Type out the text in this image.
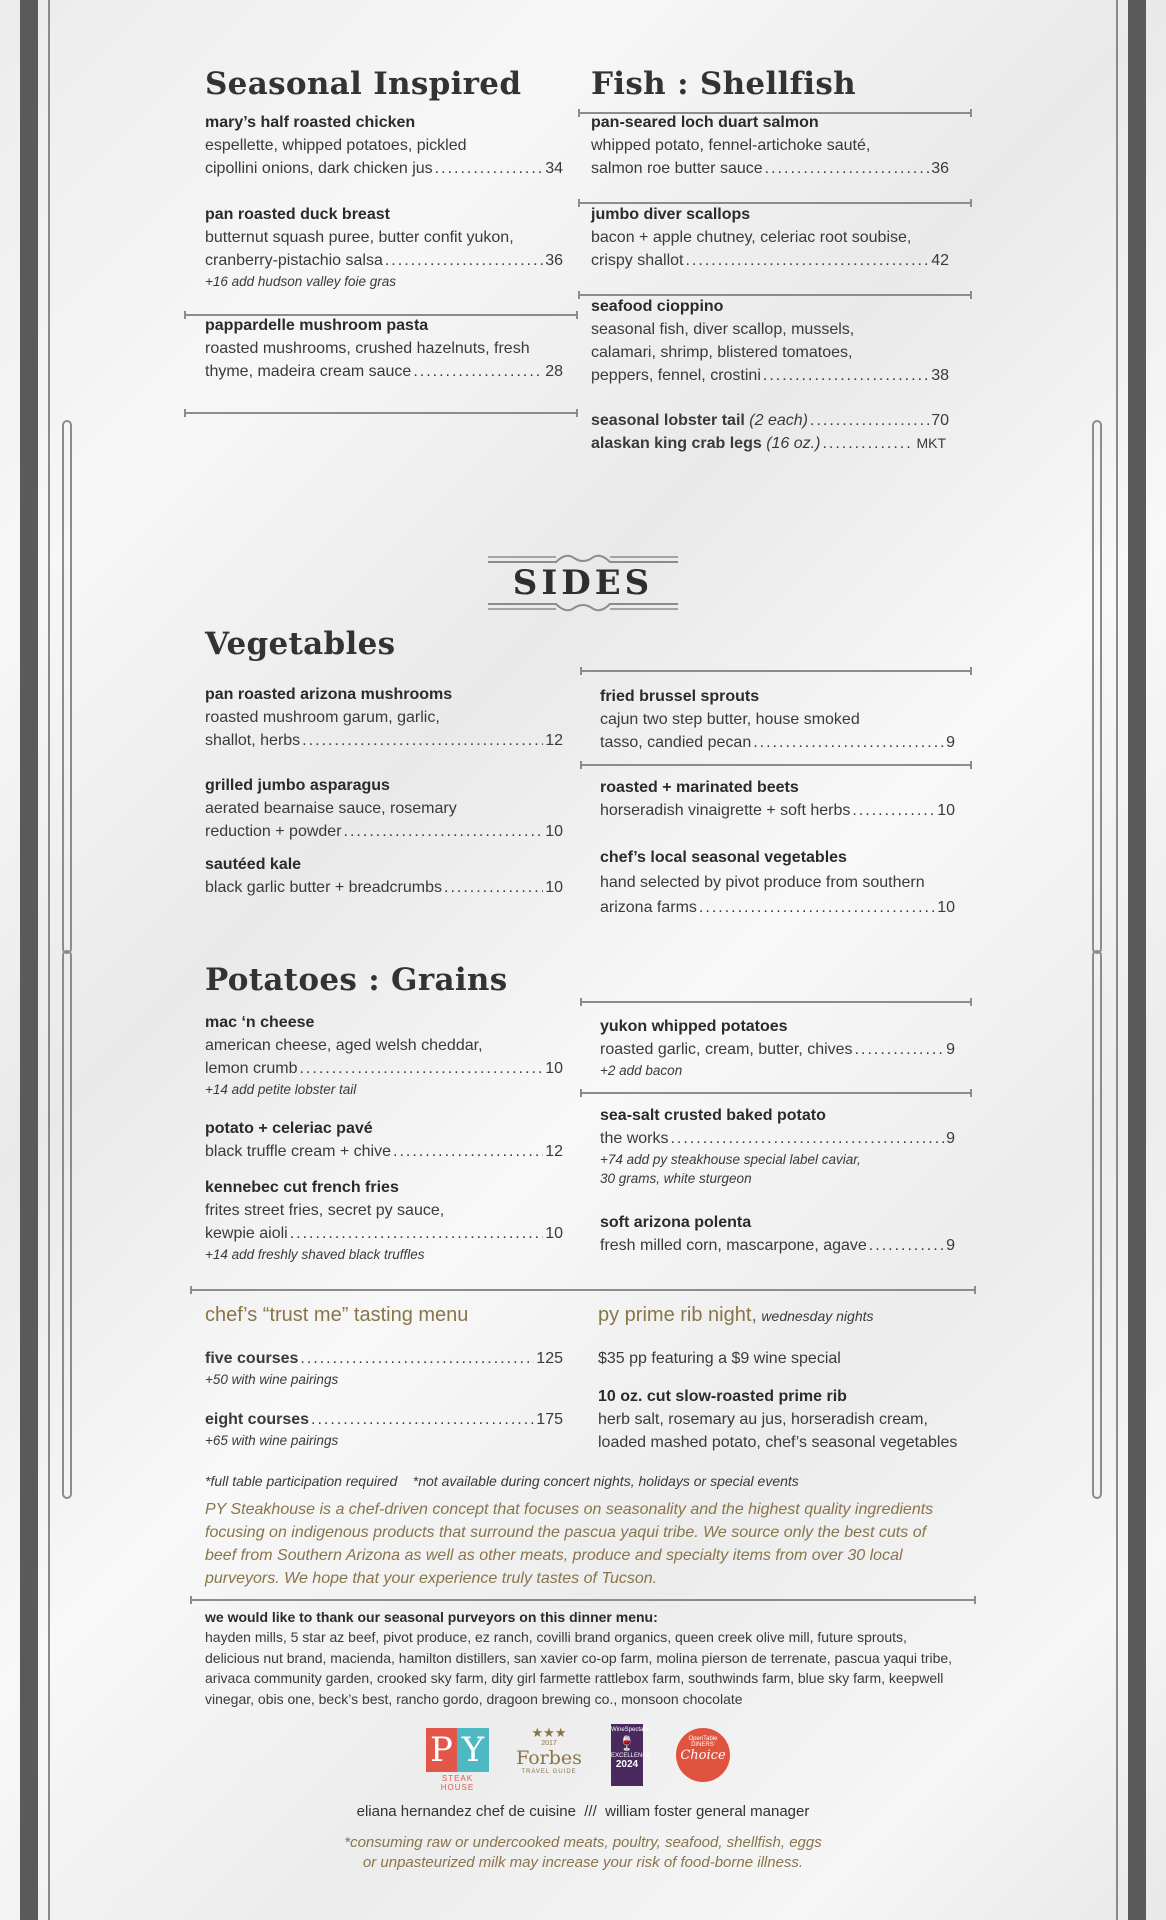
Seasonal Inspired
mary’s half roasted chicken
espellette, whipped potatoes, pickled
cipollini onions, dark chicken jus .....	34
pan roasted duck breast
butternut squash puree, butter confit yukon,
cranberry-pistachio salsa .....	36
+16 add hudson valley foie gras
pappardelle mushroom pasta
roasted mushrooms, crushed hazelnuts, fresh
thyme, madeira cream sauce .....	28
Fish : Shellfish
pan-seared loch duart salmon
whipped potato, fennel-artichoke sauté,
salmon roe butter sauce .....	36
jumbo diver scallops
bacon + apple chutney, celeriac root soubise,
crispy shallot .....	42
seafood cioppino
seasonal fish, diver scallop, mussels,
calamari, shrimp, blistered tomatoes,
peppers, fennel, crostini .....	38
seasonal lobster tail (2 each) .....	70
alaskan king crab legs (16 oz.) .....	MKT
SIDES
Vegetables
pan roasted arizona mushrooms
roasted mushroom garum, garlic,
shallot, herbs .....	12
grilled jumbo asparagus
aerated bearnaise sauce, rosemary
reduction + powder .....	10
sautéed kale
black garlic butter + breadcrumbs .....	10
fried brussel sprouts
cajun two step butter, house smoked
tasso, candied pecan .....	9
roasted + marinated beets
horseradish vinaigrette + soft herbs .....	10
chef’s local seasonal vegetables
hand selected by pivot produce from southern
arizona farms .....	10
Potatoes : Grains
mac ‘n cheese
american cheese, aged welsh cheddar,
lemon crumb .....	10
+14 add petite lobster tail
potato + celeriac pavé
black truffle cream + chive .....	12
kennebec cut french fries
frites street fries, secret py sauce,
kewpie aioli .....	10
+14 add freshly shaved black truffles
yukon whipped potatoes
roasted garlic, cream, butter, chives .....	9
+2 add bacon
sea-salt crusted baked potato
the works .....	9
+74 add py steakhouse special label caviar,
30 grams, white sturgeon
soft arizona polenta
fresh milled corn, mascarpone, agave .....	9
chef’s “trust me” tasting menu
five courses .....	125
+50 with wine pairings
eight courses .....	175
+65 with wine pairings
py prime rib night, wednesday nights
$35 pp featuring a $9 wine special
10 oz. cut slow-roasted prime rib
herb salt, rosemary au jus, horseradish cream,
loaded mashed potato, chef’s seasonal vegetables
*full table participation required    *not available during concert nights, holidays or special events
PY Steakhouse is a chef-driven concept that focuses on seasonality and the highest quality ingredients focusing on indigenous products that surround the pascua yaqui tribe. We source only the best cuts of beef from Southern Arizona as well as other meats, produce and specialty items from over 30 local purveyors. We hope that your experience truly tastes of Tucson.
we would like to thank our seasonal purveyors on this dinner menu:
hayden mills, 5 star az beef, pivot produce, ez ranch, covilli brand organics, queen creek olive mill, future sprouts, delicious nut brand, macienda, hamilton distillers, san xavier co-op farm, molina pierson de terrenate, pascua yaqui tribe, arivaca community garden, crooked sky farm, dity girl farmette rattlebox farm, southwinds farm, blue sky farm, keepwell vinegar, obis one, beck’s best, rancho gordo, dragoon brewing co., monsoon chocolate
P Y
STEAK HOUSE
★★★
2017
Forbes
TRAVEL GUIDE
WineSpectator
🍷
EXCELLENCE
2024
OpenTable
DINERS'
Choice
eliana hernandez chef de cuisine  ///  william foster general manager
*consuming raw or undercooked meats, poultry, seafood, shellfish, eggs
or unpasteurized milk may increase your risk of food-borne illness.
